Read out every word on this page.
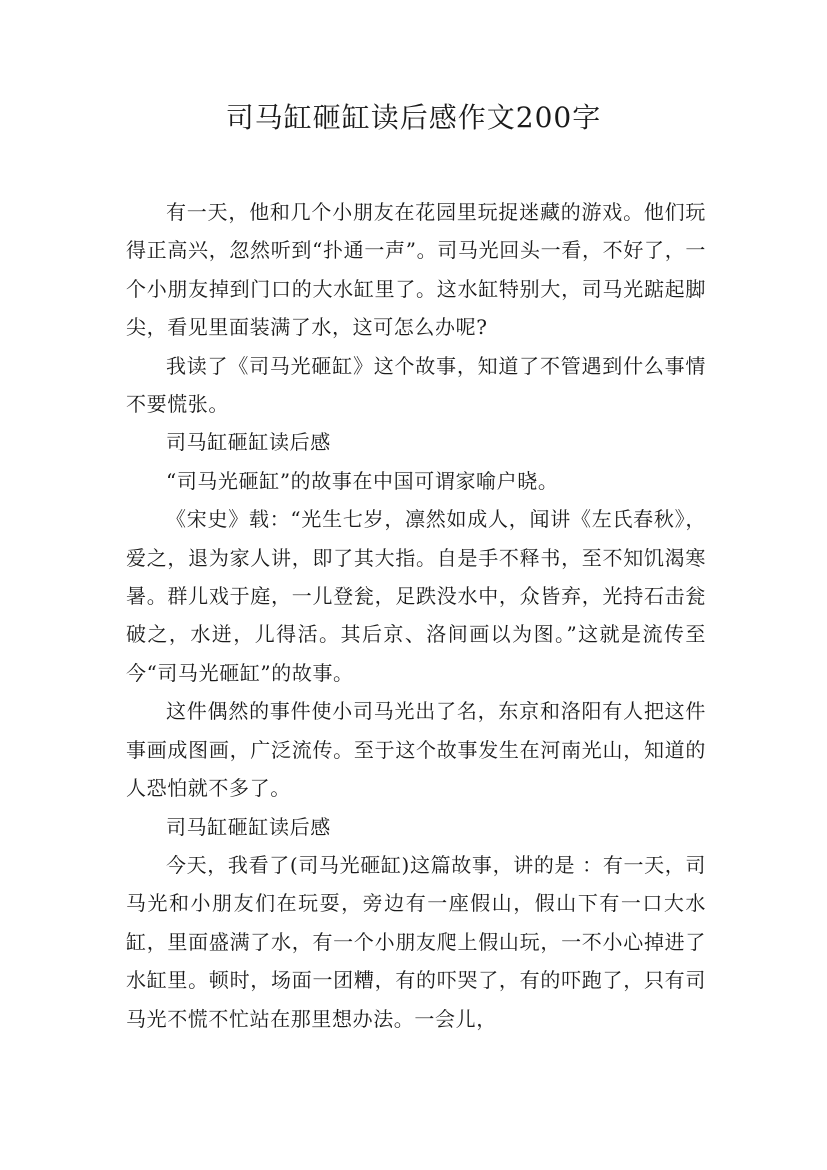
司马缸砸缸读后感作文200字

有一天，他和几个小朋友在花园里玩捉迷藏的游戏。他们玩得正高兴，忽然听到“扑通一声”。司马光回头一看，不好了，一个小朋友掉到门口的大水缸里了。这水缸特别大，司马光踮起脚尖，看见里面装满了水，这可怎么办呢?

我读了《司马光砸缸》这个故事，知道了不管遇到什么事情不要慌张。

司马缸砸缸读后感

“司马光砸缸”的故事在中国可谓家喻户晓。

《宋史》载：“光生七岁，凛然如成人，闻讲《左氏春秋》，爱之，退为家人讲，即了其大指。自是手不释书，至不知饥渴寒暑。群儿戏于庭，一儿登瓮，足跌没水中，众皆弃，光持石击瓮破之，水迸，儿得活。其后京、洛间画以为图。”这就是流传至今“司马光砸缸”的故事。

这件偶然的事件使小司马光出了名，东京和洛阳有人把这件事画成图画，广泛流传。至于这个故事发生在河南光山，知道的人恐怕就不多了。

司马缸砸缸读后感

今天，我看了(司马光砸缸)这篇故事，讲的是 ：有一天，司马光和小朋友们在玩耍，旁边有一座假山，假山下有一口大水缸，里面盛满了水，有一个小朋友爬上假山玩，一不小心掉进了水缸里。顿时，场面一团糟，有的吓哭了，有的吓跑了，只有司马光不慌不忙站在那里想办法。一会儿，
